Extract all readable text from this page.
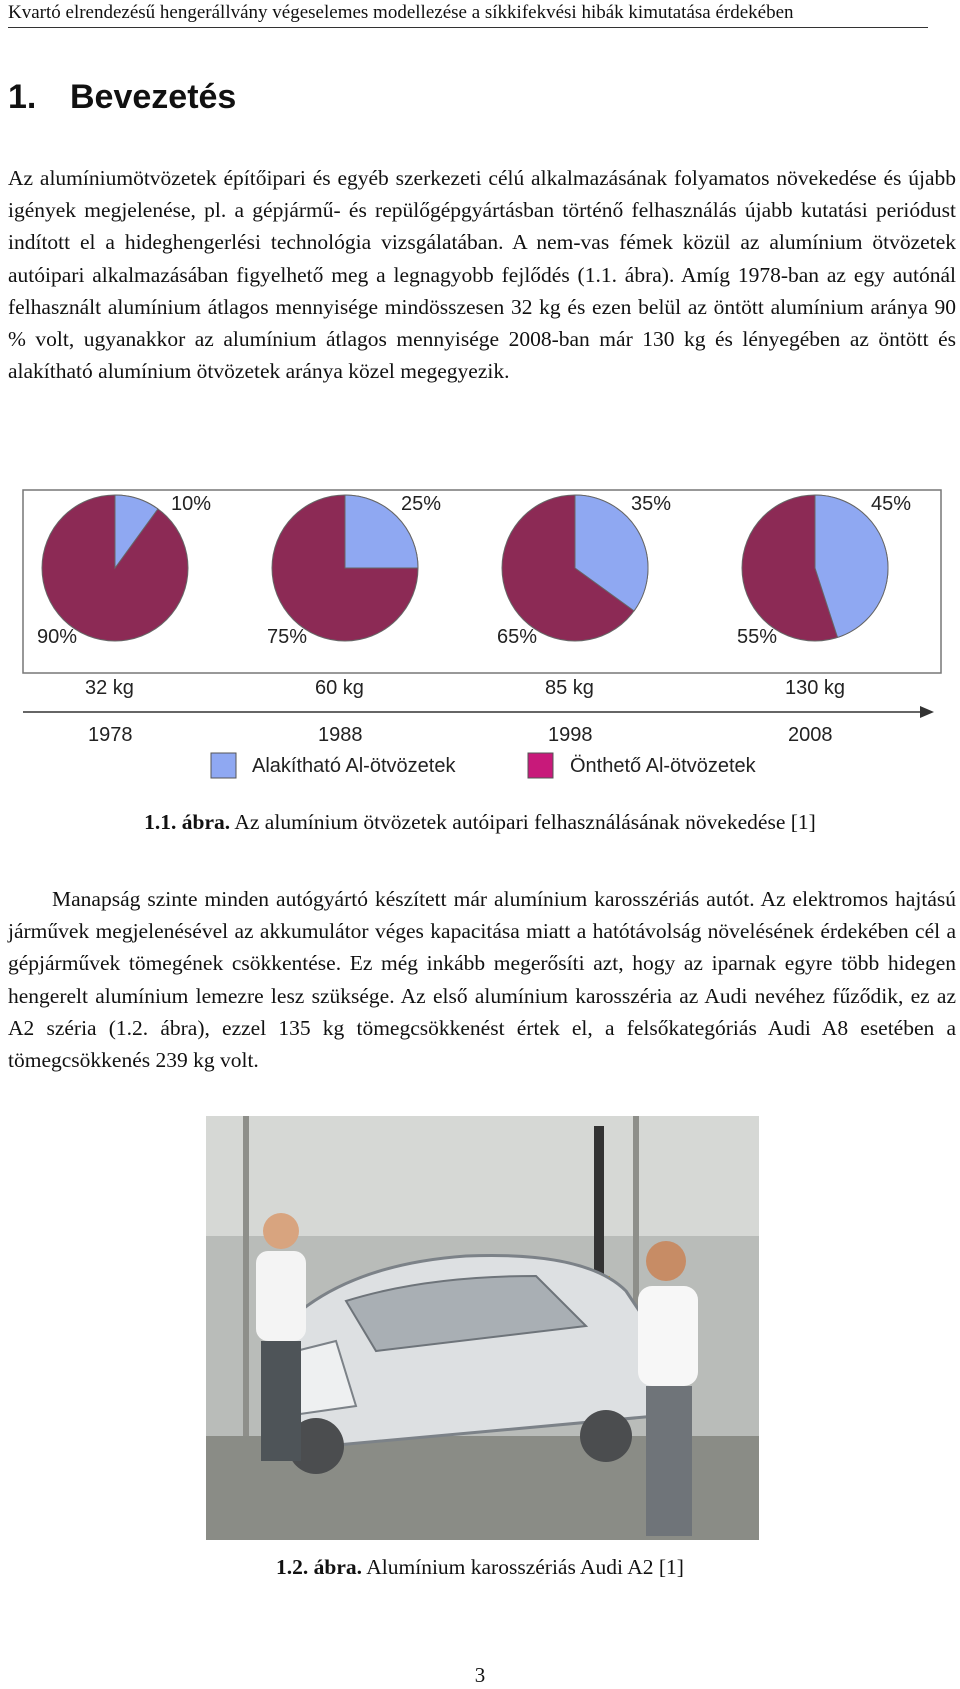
Kvartó elrendezésű hengerállvány végeselemes modellezése a síkkifekvési hibák kimutatása érdekében
1. Bevezetés

Az alumíniumötvözetek építőipari és egyéb szerkezeti célú alkalmazásának folyamatos növekedése és újabb igények megjelenése, pl. a gépjármű- és repülőgépgyártásban történő felhasználás újabb kutatási periódust indított el a hideghengerlési technológia vizsgálatában. A nem-vas fémek közül az alumínium ötvözetek autóipari alkalmazásában figyelhető meg a legnagyobb fejlődés (1.1. ábra). Amíg 1978-ban az egy autónál felhasznált alumínium átlagos mennyisége mindösszesen 32 kg és ezen belül az öntött alumínium aránya 90 % volt, ugyanakkor az alumínium átlagos mennyisége 2008-ban már 130 kg és lényegében az öntött és alakítható alumínium ötvözetek aránya közel megegyezik.

10%
90%
25%
75%
35%
65%
45%
55%
32 kg
1978
60 kg
1988
85 kg
1998
130 kg
2008
Alakítható Al-ötvözetek	Önthető Al-ötvözetek
1.1. ábra. Az alumínium ötvözetek autóipari felhasználásának növekedése [1]

Manapság szinte minden autógyártó készített már alumínium karosszériás autót. Az elektromos hajtású járművek megjelenésével az akkumulátor véges kapacitása miatt a hatótávolság növelésének érdekében cél a gépjárművek tömegének csökkentése. Ez még inkább megerősíti azt, hogy az iparnak egyre több hidegen hengerelt alumínium lemezre lesz szüksége. Az első alumínium karosszéria az Audi nevéhez fűződik, ez az A2 széria (1.2. ábra), ezzel 135 kg tömegcsökkenést értek el, a felsőkategóriás Audi A8 esetében a tömegcsökkenés 239 kg volt.

1.2. ábra. Alumínium karosszériás Audi A2 [1]
3
